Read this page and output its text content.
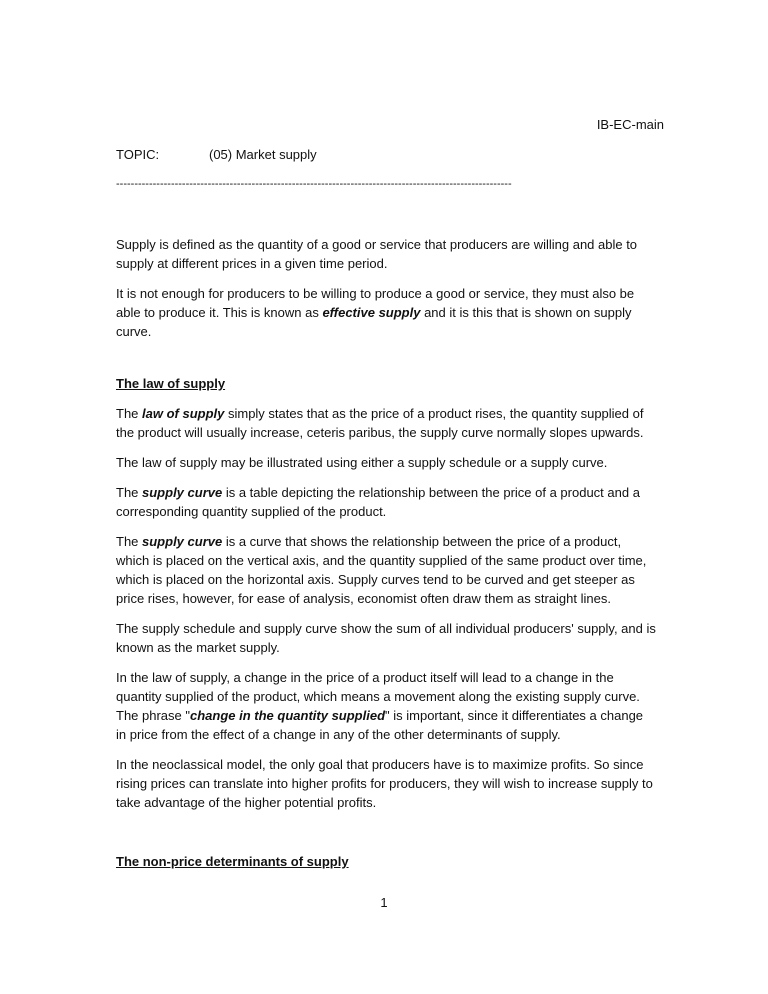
IB-EC-main
TOPIC:	(05) Market supply
------------------------------------------------------------------------------------------------------------

Supply is defined as the quantity of a good or service that producers are willing and able to supply at different prices in a given time period.

It is not enough for producers to be willing to produce a good or service, they must also be able to produce it. This is known as effective supply and it is this that is shown on supply curve.

The law of supply

The law of supply simply states that as the price of a product rises, the quantity supplied of the product will usually increase, ceteris paribus, the supply curve normally slopes upwards.

The law of supply may be illustrated using either a supply schedule or a supply curve.

The supply curve is a table depicting the relationship between the price of a product and a corresponding quantity supplied of the product.

The supply curve is a curve that shows the relationship between the price of a product, which is placed on the vertical axis, and the quantity supplied of the same product over time, which is placed on the horizontal axis. Supply curves tend to be curved and get steeper as price rises, however, for ease of analysis, economist often draw them as straight lines.

The supply schedule and supply curve show the sum of all individual producers' supply, and is known as the market supply.

In the law of supply, a change in the price of a product itself will lead to a change in the quantity supplied of the product, which means a movement along the existing supply curve. The phrase "change in the quantity supplied" is important, since it differentiates a change in price from the effect of a change in any of the other determinants of supply.

In the neoclassical model, the only goal that producers have is to maximize profits. So since rising prices can translate into higher profits for producers, they will wish to increase supply to take advantage of the higher potential profits.

The non-price determinants of supply

1
